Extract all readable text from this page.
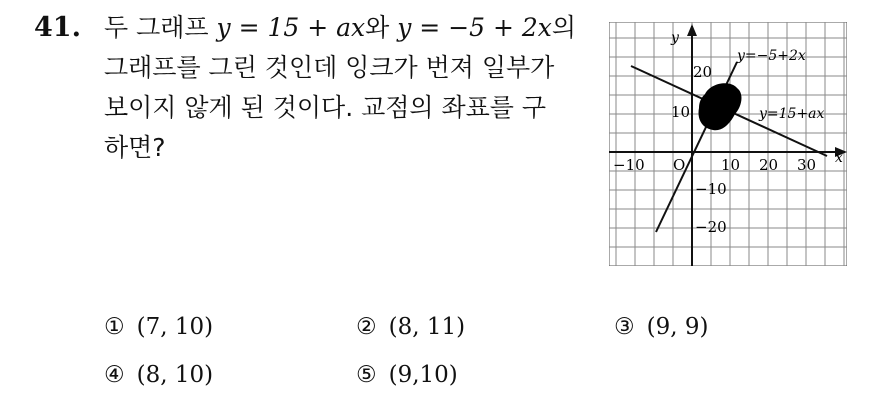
41. 두 그래프 y = 15 + ax와 y = −5 + 2x의
그래프를 그린 것인데 잉크가 번져 일부가
보이지 않게 된 것이다. 교점의 좌표를 구
하면?
y
x
20
10
−10
−20
−10 O 10 20 30
y=−5+2x
y=15+ax
① (7, 10)	② (8, 11)	③ (9, 9)
④ (8, 10)	⑤ (9,10)
